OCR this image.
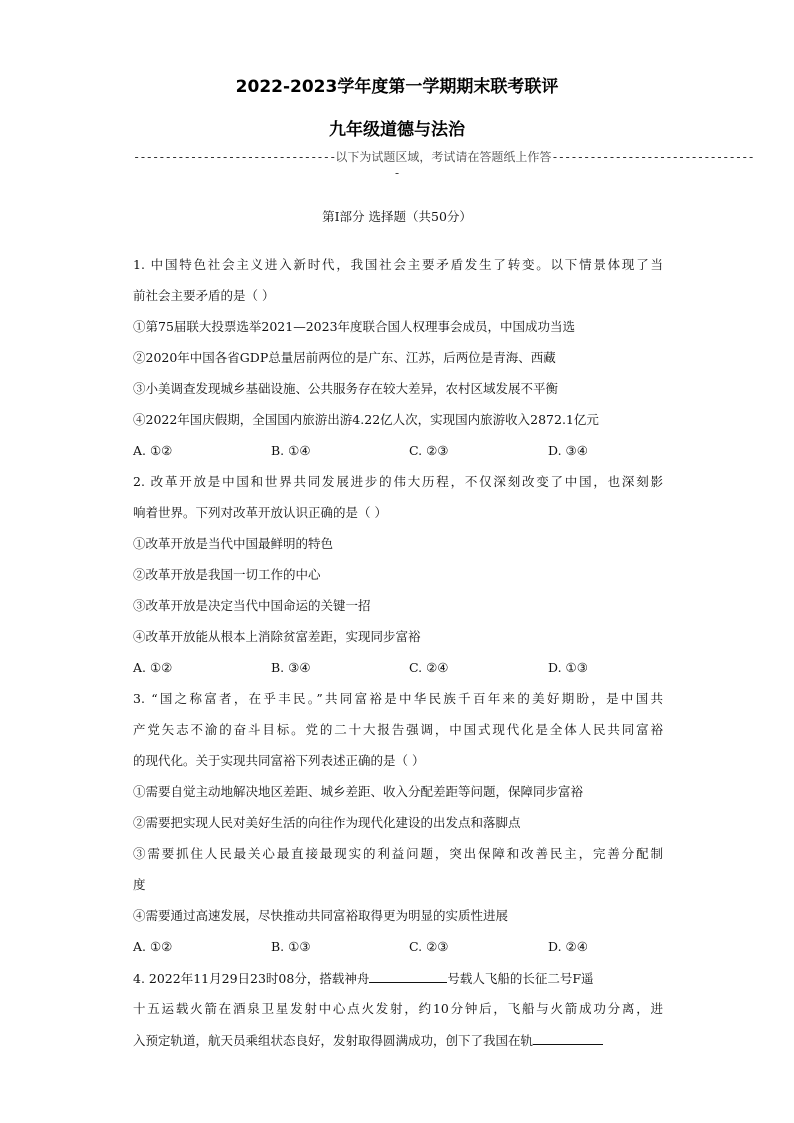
2022-2023学年度第一学期期末联考联评
九年级道德与法治
--------------------------------以下为试题区域，考试请在答题纸上作答--------------------------------
-
第Ⅰ部分 选择题（共50分）
1. 中国特色社会主义进入新时代，我国社会主要矛盾发生了转变。以下情景体现了当
前社会主要矛盾的是（ ）
①第75届联大投票选举2021—2023年度联合国人权理事会成员，中国成功当选
②2020年中国各省GDP总量居前两位的是广东、江苏，后两位是青海、西藏
③小美调查发现城乡基础设施、公共服务存在较大差异，农村区域发展不平衡
④2022年国庆假期，全国国内旅游出游4.22亿人次，实现国内旅游收入2872.1亿元
A. ①②	B. ①④	C. ②③	D. ③④
2. 改革开放是中国和世界共同发展进步的伟大历程，不仅深刻改变了中国，也深刻影
响着世界。下列对改革开放认识正确的是（ ）
①改革开放是当代中国最鲜明的特色
②改革开放是我国一切工作的中心
③改革开放是决定当代中国命运的关键一招
④改革开放能从根本上消除贫富差距，实现同步富裕
A. ①②	B. ③④	C. ②④	D. ①③
3. “国之称富者，在乎丰民。”共同富裕是中华民族千百年来的美好期盼，是中国共
产党矢志不渝的奋斗目标。党的二十大报告强调，中国式现代化是全体人民共同富裕
的现代化。关于实现共同富裕下列表述正确的是（ ）
①需要自觉主动地解决地区差距、城乡差距、收入分配差距等问题，保障同步富裕
②需要把实现人民对美好生活的向往作为现代化建设的出发点和落脚点
③需要抓住人民最关心最直接最现实的利益问题，突出保障和改善民主，完善分配制
度
④需要通过高速发展，尽快推动共同富裕取得更为明显的实质性进展
A. ①②	B. ①③	C. ②③	D. ②④
4. 2022年11月29日23时08分，搭载神舟	号载人飞船的长征二号F遥
十五运载火箭在酒泉卫星发射中心点火发射，约10分钟后，飞船与火箭成功分离，进
入预定轨道，航天员乘组状态良好，发射取得圆满成功，创下了我国在轨
